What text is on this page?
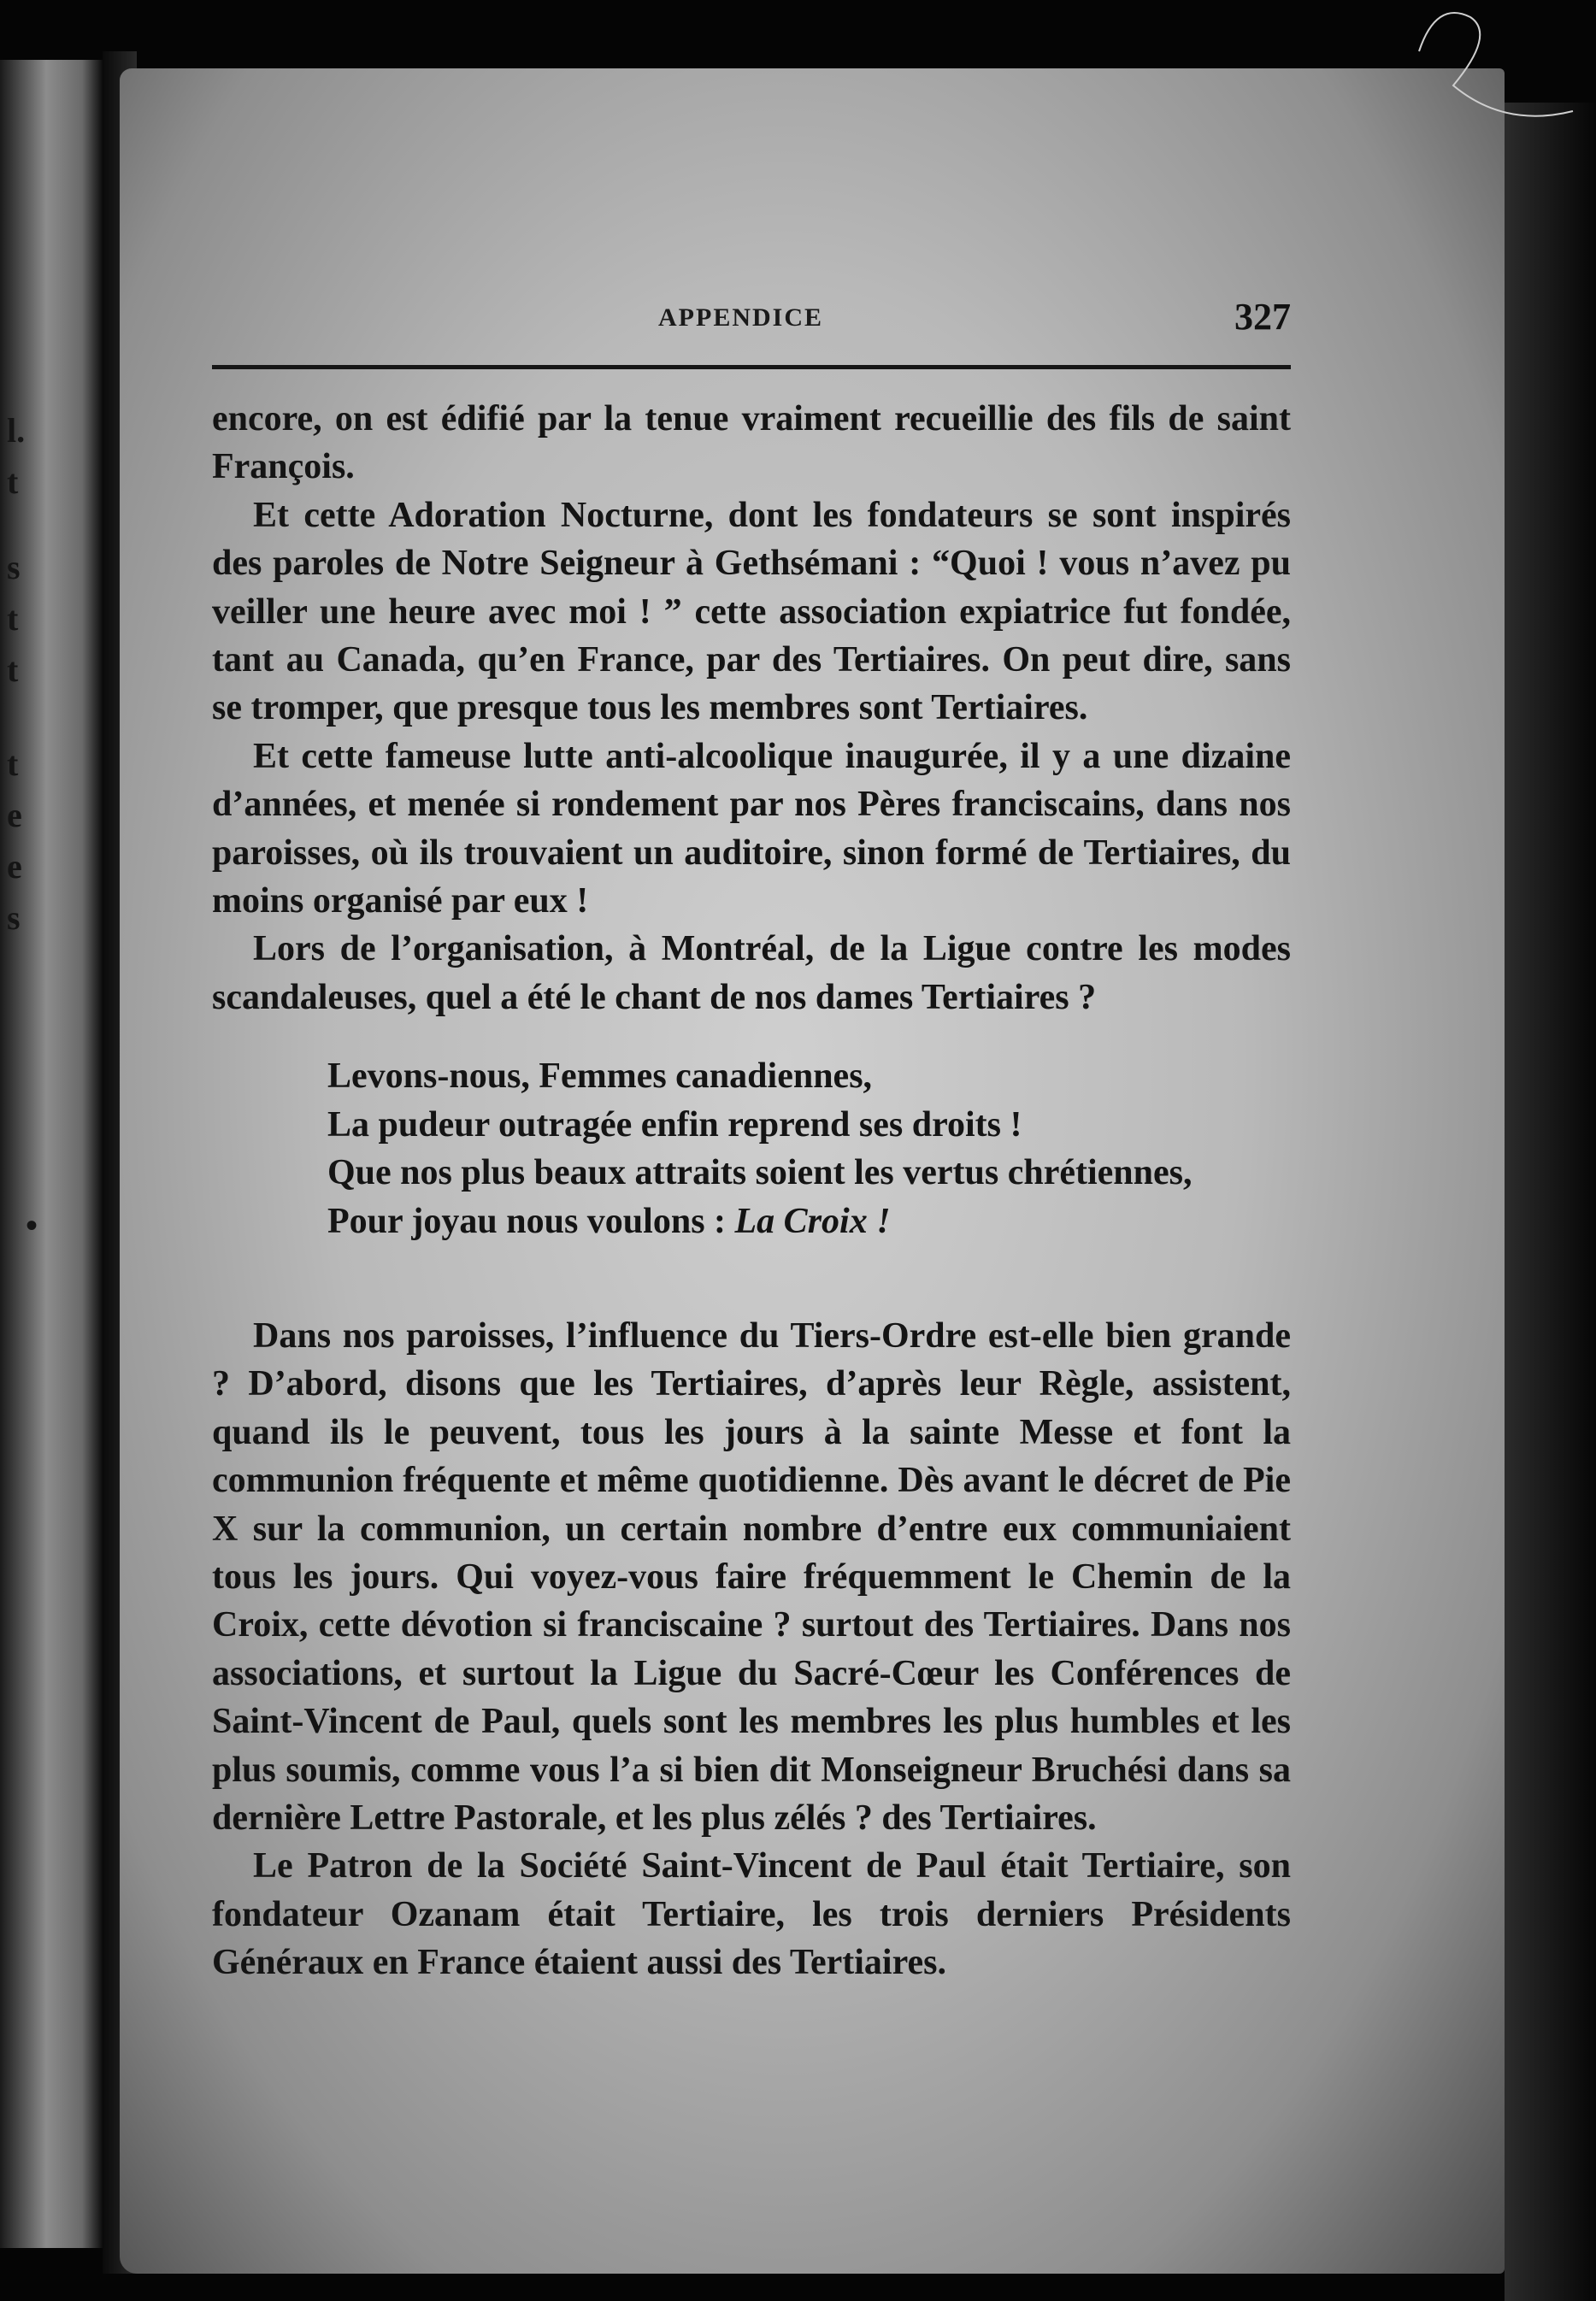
l.
t
s
t
t
t
e
e
s
•
APPENDICE	327

encore, on est édifié par la tenue vraiment recueillie des fils de saint François.

Et cette Adoration Nocturne, dont les fondateurs se sont inspirés des paroles de Notre Seigneur à Gethsémani : “Quoi ! vous n’avez pu veiller une heure avec moi ! ” cette association expiatrice fut fondée, tant au Canada, qu’en France, par des Tertiaires. On peut dire, sans se tromper, que presque tous les membres sont Tertiaires.

Et cette fameuse lutte anti-alcoolique inaugurée, il y a une dizaine d’années, et menée si rondement par nos Pères franciscains, dans nos paroisses, où ils trouvaient un auditoire, sinon formé de Tertiaires, du moins organisé par eux !

Lors de l’organisation, à Montréal, de la Ligue contre les modes scandaleuses, quel a été le chant de nos dames Tertiaires ?

Levons-nous, Femmes canadiennes,
La pudeur outragée enfin reprend ses droits !
Que nos plus beaux attraits soient les vertus chrétiennes,
Pour joyau nous voulons : La Croix !

Dans nos paroisses, l’influence du Tiers-Ordre est-elle bien grande ? D’abord, disons que les Tertiaires, d’après leur Règle, assistent, quand ils le peuvent, tous les jours à la sainte Messe et font la communion fréquente et même quotidienne. Dès avant le décret de Pie X sur la communion, un certain nombre d’entre eux communiaient tous les jours. Qui voyez-vous faire fréquemment le Chemin de la Croix, cette dévotion si franciscaine ? surtout des Tertiaires. Dans nos associations, et surtout la Ligue du Sacré-Cœur les Conférences de Saint-Vincent de Paul, quels sont les membres les plus humbles et les plus soumis, comme vous l’a si bien dit Monseigneur Bruchési dans sa dernière Lettre Pastorale, et les plus zélés ? des Tertiaires.

Le Patron de la Société Saint-Vincent de Paul était Tertiaire, son fondateur Ozanam était Tertiaire, les trois derniers Présidents Généraux en France étaient aussi des Tertiaires.
